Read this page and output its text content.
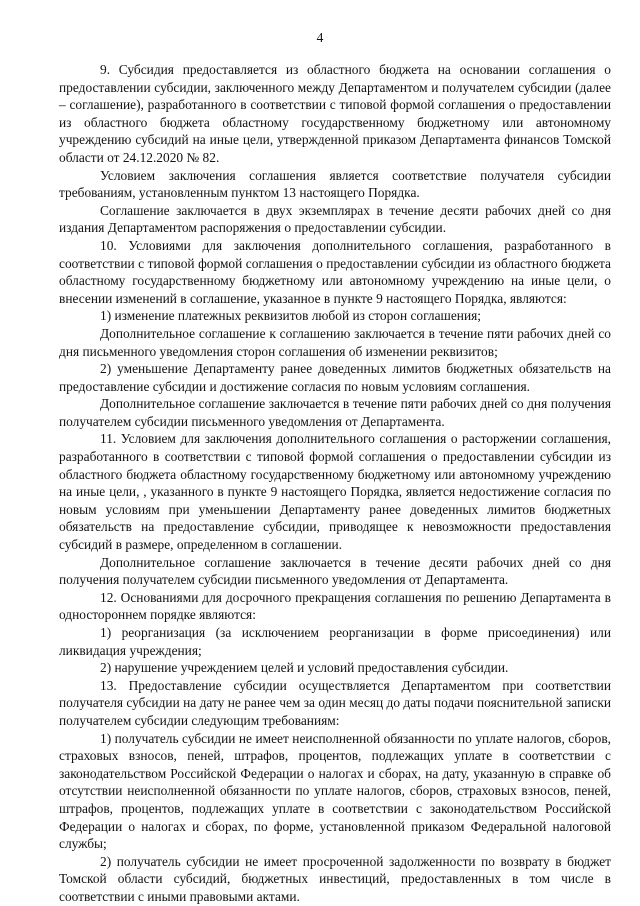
4

9. Субсидия предоставляется из областного бюджета на основании соглашения о предоставлении субсидии, заключенного между Департаментом и получателем субсидии (далее – соглашение), разработанного в соответствии с типовой формой соглашения о предоставлении из областного бюджета областному государственному бюджетному или автономному учреждению субсидий на иные цели, утвержденной приказом Департамента финансов Томской области от 24.12.2020 № 82.

Условием заключения соглашения является соответствие получателя субсидии требованиям, установленным пунктом 13 настоящего Порядка.

Соглашение заключается в двух экземплярах в течение десяти рабочих дней со дня издания Департаментом распоряжения о предоставлении субсидии.

10. Условиями для заключения дополнительного соглашения, разработанного в соответствии с типовой формой соглашения о предоставлении субсидии из областного бюджета областному государственному бюджетному или автономному учреждению на иные цели, о внесении изменений в соглашение, указанное в пункте 9 настоящего Порядка, являются:

1) изменение платежных реквизитов любой из сторон соглашения;

Дополнительное соглашение к соглашению заключается в течение пяти рабочих дней со дня письменного уведомления сторон соглашения об изменении реквизитов;

2) уменьшение Департаменту ранее доведенных лимитов бюджетных обязательств на предоставление субсидии и достижение согласия по новым условиям соглашения.

Дополнительное соглашение заключается в течение пяти рабочих дней со дня получения получателем субсидии письменного уведомления от Департамента.

11. Условием для заключения дополнительного соглашения о расторжении соглашения, разработанного в соответствии с типовой формой соглашения о предоставлении субсидии из областного бюджета областному государственному бюджетному или автономному учреждению на иные цели, , указанного в пункте 9 настоящего Порядка, является недостижение согласия по новым условиям при уменьшении Департаменту ранее доведенных лимитов бюджетных обязательств на предоставление субсидии, приводящее к невозможности предоставления субсидий в размере, определенном в соглашении.

Дополнительное соглашение заключается в течение десяти рабочих дней со дня получения получателем субсидии письменного уведомления от Департамента.

12. Основаниями для досрочного прекращения соглашения по решению Департамента в одностороннем порядке являются:

1) реорганизация (за исключением реорганизации в форме присоединения) или ликвидация учреждения;

2) нарушение учреждением целей и условий предоставления субсидии.

13. Предоставление субсидии осуществляется Департаментом при соответствии получателя субсидии на дату не ранее чем за один месяц до даты подачи пояснительной записки получателем субсидии следующим требованиям:

1) получатель субсидии не имеет неисполненной обязанности по уплате налогов, сборов, страховых взносов, пеней, штрафов, процентов, подлежащих уплате в соответствии с законодательством Российской Федерации о налогах и сборах, на дату, указанную в справке об отсутствии неисполненной обязанности по уплате налогов, сборов, страховых взносов, пеней, штрафов, процентов, подлежащих уплате в соответствии с законодательством Российской Федерации о налогах и сборах, по форме, установленной приказом Федеральной налоговой службы;

2) получатель субсидии не имеет просроченной задолженности по возврату в бюджет Томской области субсидий, бюджетных инвестиций, предоставленных в том числе в соответствии с иными правовыми актами.
